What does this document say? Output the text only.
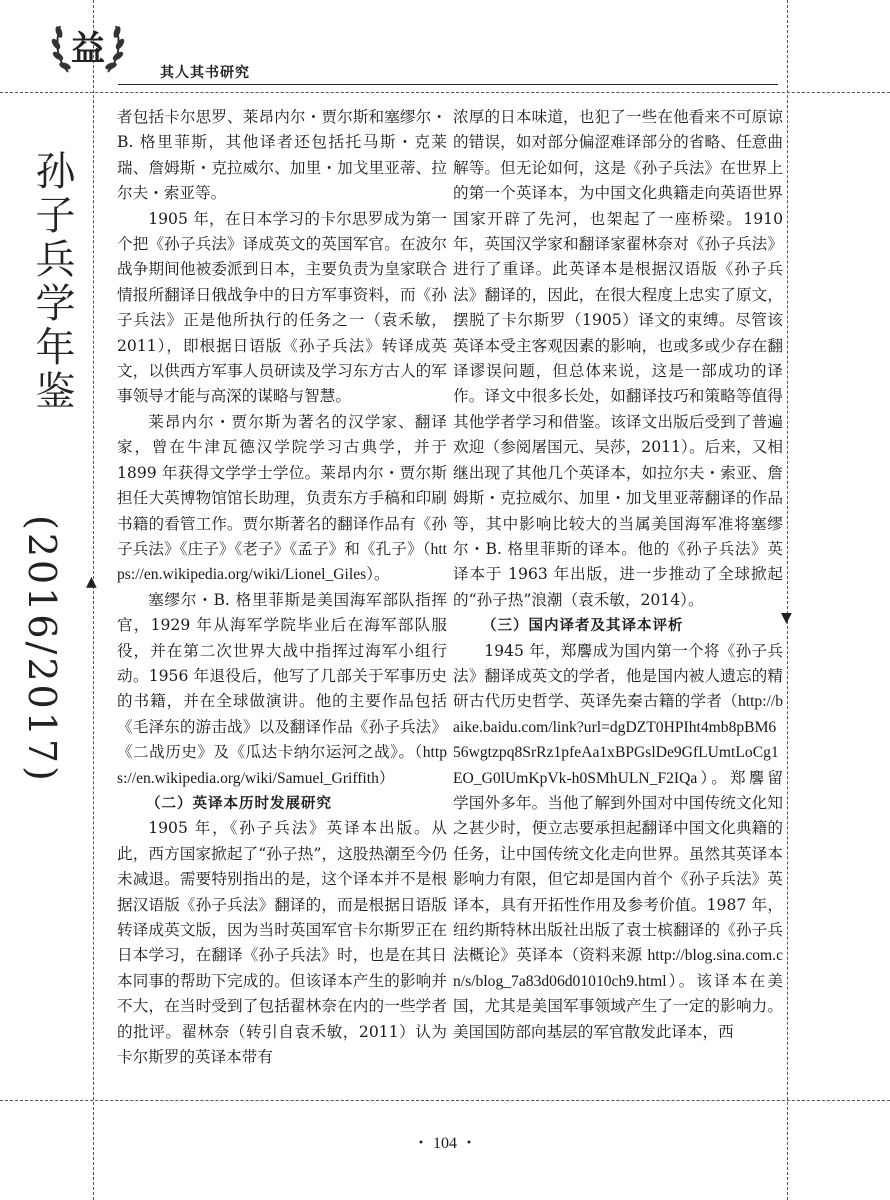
益
其人其书研究
孙子兵学年鉴
(2016/2017) ▲
▼

者包括卡尔思罗、莱昂内尔・贾尔斯和塞缪尔・B. 格里菲斯，其他译者还包括托马斯・克莱瑞、詹姆斯・克拉威尔、加里・加戈里亚蒂、拉尔夫・索亚等。

1905 年，在日本学习的卡尔思罗成为第一个把《孙子兵法》译成英文的英国军官。在波尔战争期间他被委派到日本，主要负责为皇家联合情报所翻译日俄战争中的日方军事资料，而《孙子兵法》正是他所执行的任务之一（袁禾敏，2011），即根据日语版《孙子兵法》转译成英文，以供西方军事人员研读及学习东方古人的军事领导才能与高深的谋略与智慧。

莱昂内尔・贾尔斯为著名的汉学家、翻译家，曾在牛津瓦德汉学院学习古典学，并于 1899 年获得文学学士学位。莱昂内尔・贾尔斯担任大英博物馆馆长助理，负责东方手稿和印刷书籍的看管工作。贾尔斯著名的翻译作品有《孙子兵法》《庄子》《老子》《孟子》和《孔子》（https://en.wikipedia.org/wiki/Lionel_Giles）。

塞缪尔・B. 格里菲斯是美国海军部队指挥官，1929 年从海军学院毕业后在海军部队服役，并在第二次世界大战中指挥过海军小组行动。1956 年退役后，他写了几部关于军事历史的书籍，并在全球做演讲。他的主要作品包括《毛泽东的游击战》以及翻译作品《孙子兵法》《二战历史》及《瓜达卡纳尔运河之战》。（https://en.wikipedia.org/wiki/Samuel_Griffith）

（二）英译本历时发展研究

1905 年，《孙子兵法》英译本出版。从此，西方国家掀起了“孙子热”，这股热潮至今仍未减退。需要特别指出的是，这个译本并不是根据汉语版《孙子兵法》翻译的，而是根据日语版转译成英文版，因为当时英国军官卡尔斯罗正在日本学习，在翻译《孙子兵法》时，也是在其日本同事的帮助下完成的。但该译本产生的影响并不大，在当时受到了包括翟林奈在内的一些学者的批评。翟林奈（转引自袁禾敏，2011）认为卡尔斯罗的英译本带有

浓厚的日本味道，也犯了一些在他看来不可原谅的错误，如对部分偏涩难译部分的省略、任意曲解等。但无论如何，这是《孙子兵法》在世界上的第一个英译本，为中国文化典籍走向英语世界国家开辟了先河，也架起了一座桥梁。1910 年，英国汉学家和翻译家翟林奈对《孙子兵法》进行了重译。此英译本是根据汉语版《孙子兵法》翻译的，因此，在很大程度上忠实了原文，摆脱了卡尔斯罗（1905）译文的束缚。尽管该英译本受主客观因素的影响，也或多或少存在翻译谬误问题，但总体来说，这是一部成功的译作。译文中很多长处，如翻译技巧和策略等值得其他学者学习和借鉴。该译文出版后受到了普遍欢迎（参阅屠国元、吴莎，2011）。后来，又相继出现了其他几个英译本，如拉尔夫・索亚、詹姆斯・克拉威尔、加里・加戈里亚蒂翻译的作品等，其中影响比较大的当属美国海军准将塞缪尔・B. 格里菲斯的译本。他的《孙子兵法》英译本于 1963 年出版，进一步推动了全球掀起的“孙子热”浪潮（袁禾敏，2014）。

（三）国内译者及其译本评析

1945 年，郑麐成为国内第一个将《孙子兵法》翻译成英文的学者，他是国内被人遗忘的精研古代历史哲学、英译先秦古籍的学者（http://baike.baidu.com/link?url=dgDZT0HPIht4mb8pBM656wgtzpq8SrRz1pfeAa1xBPGslDe9GfLUmtLoCg1EO_G0lUmKpVk-h0SMhULN_F2IQa）。郑麐留学国外多年。当他了解到外国对中国传统文化知之甚少时，便立志要承担起翻译中国文化典籍的任务，让中国传统文化走向世界。虽然其英译本影响力有限，但它却是国内首个《孙子兵法》英译本，具有开拓性作用及参考价值。1987 年，纽约斯特林出版社出版了袁士槟翻译的《孙子兵法概论》英译本（资料来源 http://blog.sina.com.cn/s/blog_7a83d06d01010ch9.html）。该译本在美国，尤其是美国军事领域产生了一定的影响力。美国国防部向基层的军官散发此译本，西

・ 104 ・
